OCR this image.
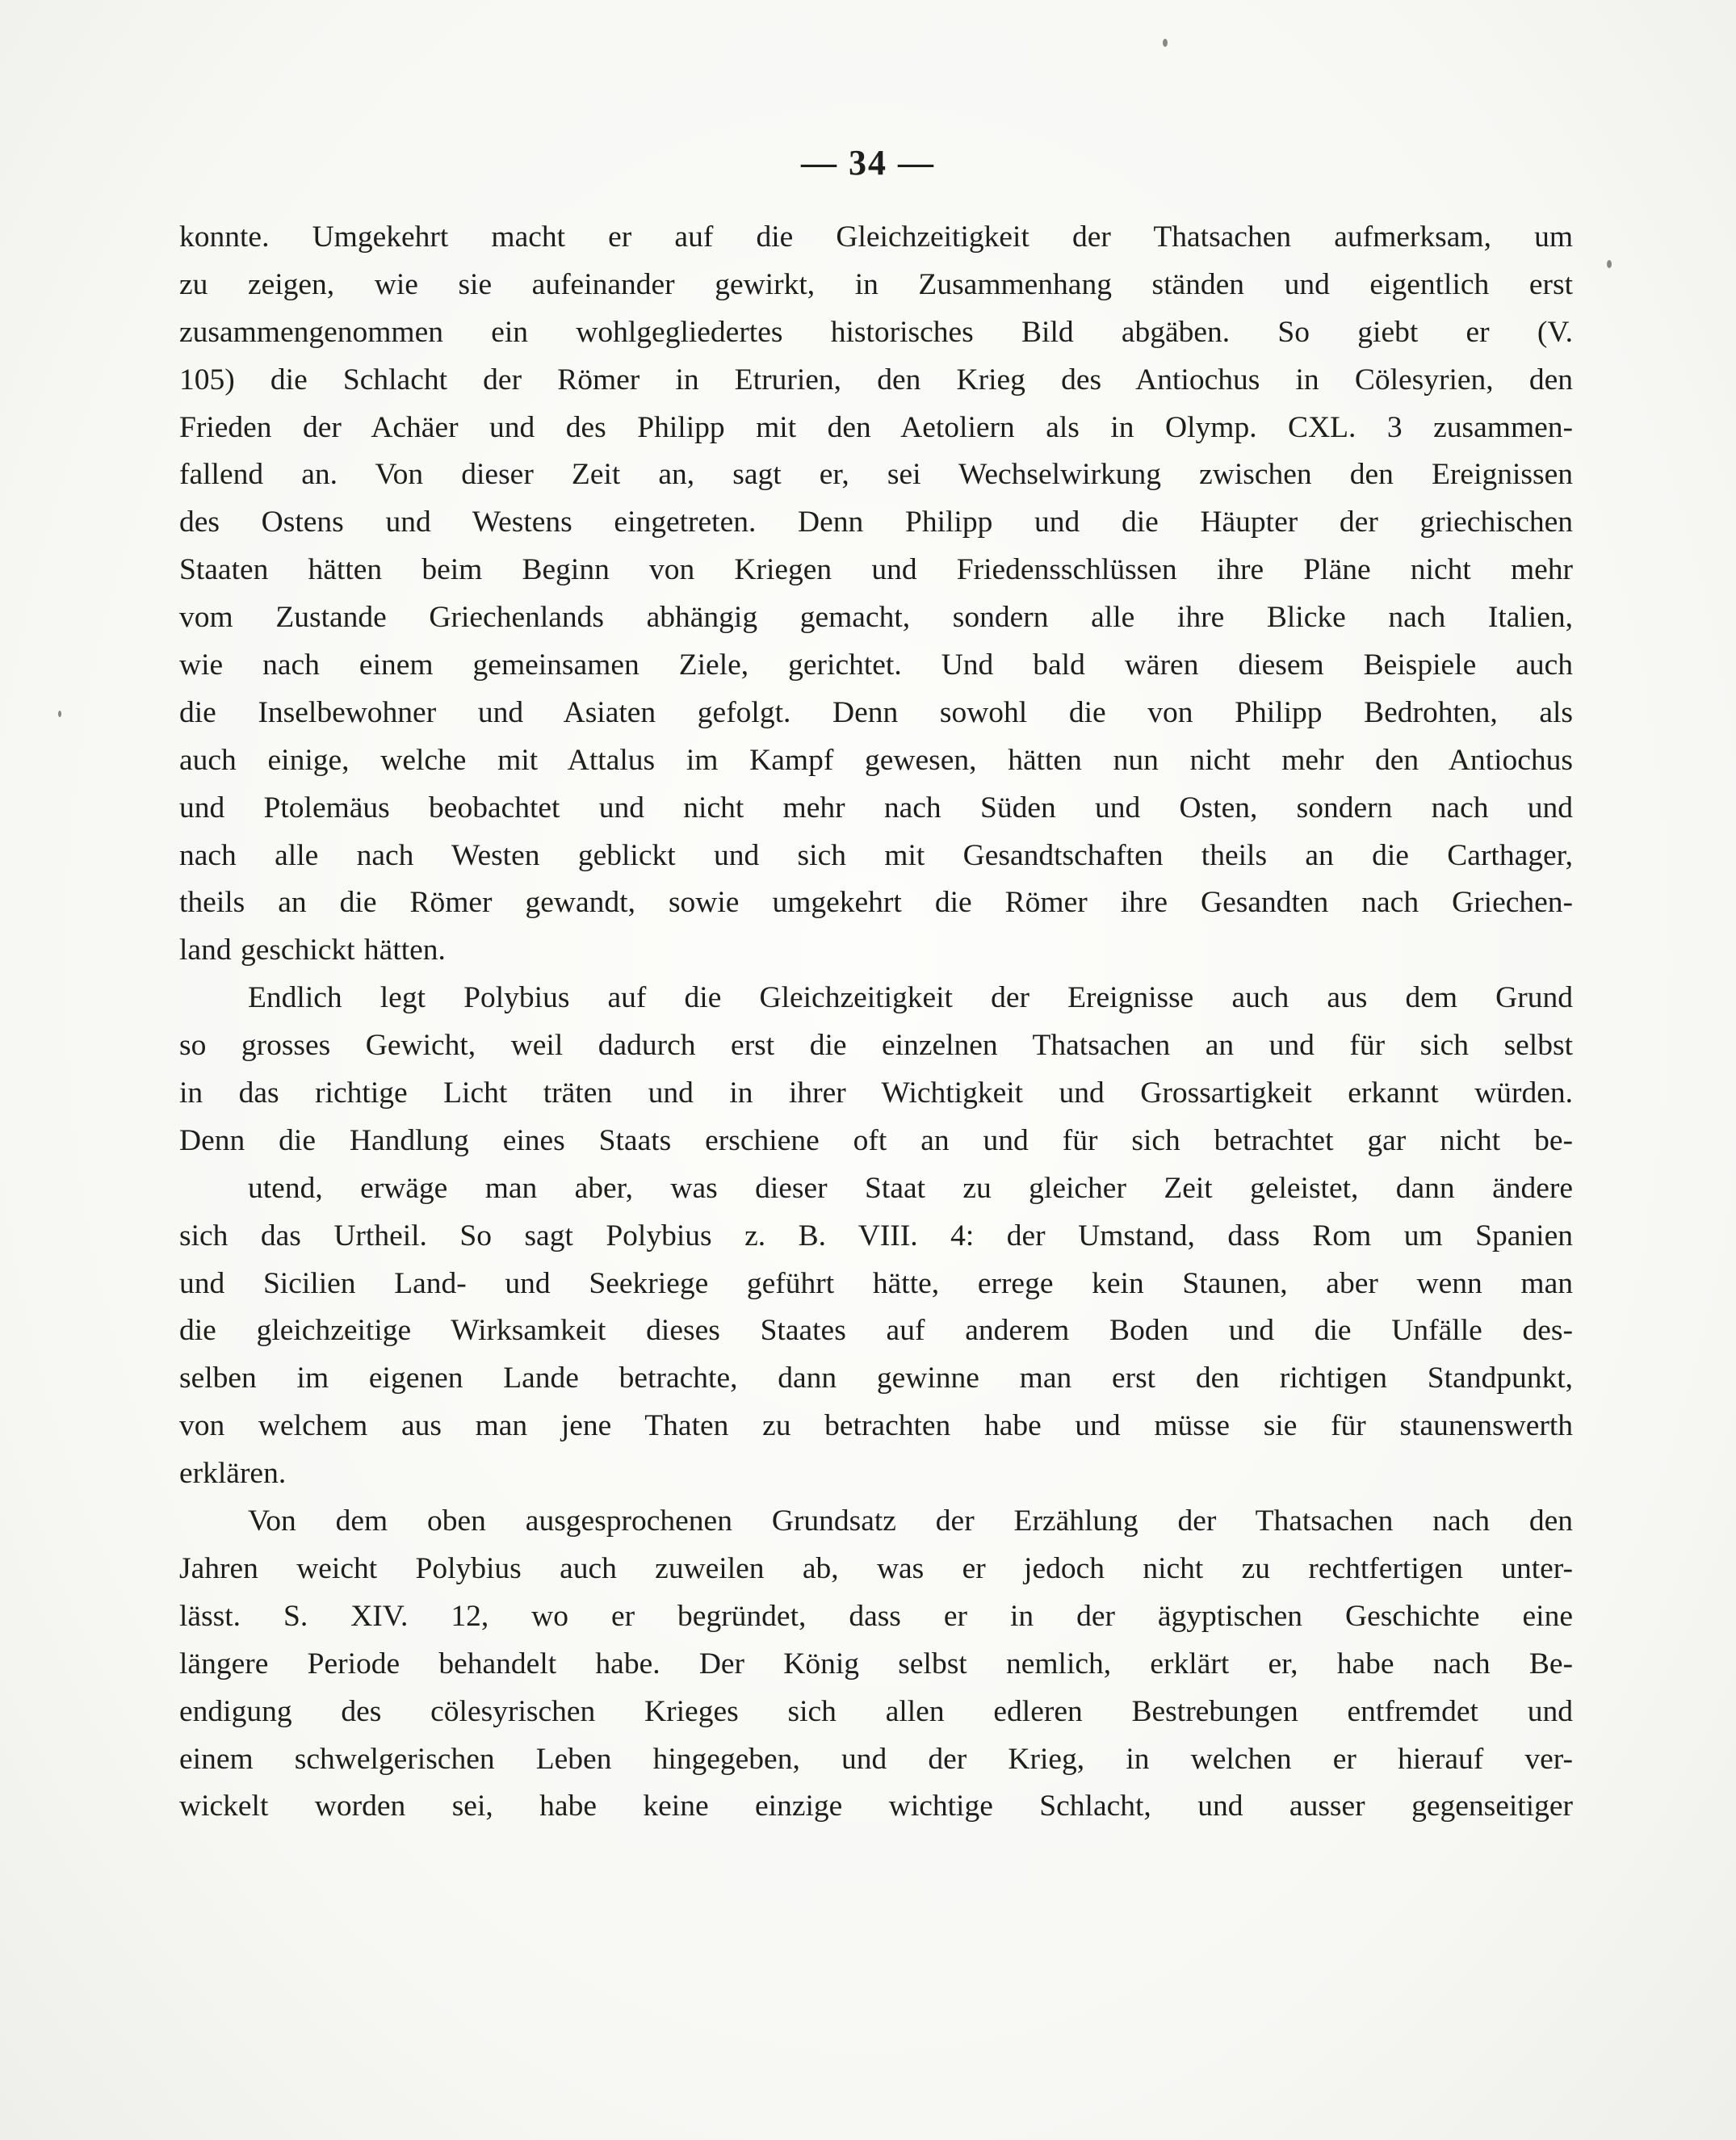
— 34 —
konnte. Umgekehrt macht er auf die Gleichzeitigkeit der Thatsachen aufmerksam, um
zu zeigen, wie sie aufeinander gewirkt, in Zusammenhang ständen und eigentlich erst
zusammengenommen ein wohlgegliedertes historisches Bild abgäben. So giebt er (V.
105) die Schlacht der Römer in Etrurien, den Krieg des Antiochus in Cölesyrien, den
Frieden der Achäer und des Philipp mit den Aetoliern als in Olymp. CXL. 3 zusammen-
fallend an. Von dieser Zeit an, sagt er, sei Wechselwirkung zwischen den Ereignissen
des Ostens und Westens eingetreten. Denn Philipp und die Häupter der griechischen
Staaten hätten beim Beginn von Kriegen und Friedensschlüssen ihre Pläne nicht mehr
vom Zustande Griechenlands abhängig gemacht, sondern alle ihre Blicke nach Italien,
wie nach einem gemeinsamen Ziele, gerichtet. Und bald wären diesem Beispiele auch
die Inselbewohner und Asiaten gefolgt. Denn sowohl die von Philipp Bedrohten, als
auch einige, welche mit Attalus im Kampf gewesen, hätten nun nicht mehr den Antiochus
und Ptolemäus beobachtet und nicht mehr nach Süden und Osten, sondern nach und
nach alle nach Westen geblickt und sich mit Gesandtschaften theils an die Carthager,
theils an die Römer gewandt, sowie umgekehrt die Römer ihre Gesandten nach Griechen-
land geschickt hätten.
Endlich legt Polybius auf die Gleichzeitigkeit der Ereignisse auch aus dem Grund
so grosses Gewicht, weil dadurch erst die einzelnen Thatsachen an und für sich selbst
in das richtige Licht träten und in ihrer Wichtigkeit und Grossartigkeit erkannt würden.
Denn die Handlung eines Staats erschiene oft an und für sich betrachtet gar nicht be-
utend, erwäge man aber, was dieser Staat zu gleicher Zeit geleistet, dann ändere
sich das Urtheil. So sagt Polybius z. B. VIII. 4: der Umstand, dass Rom um Spanien
und Sicilien Land- und Seekriege geführt hätte, errege kein Staunen, aber wenn man
die gleichzeitige Wirksamkeit dieses Staates auf anderem Boden und die Unfälle des-
selben im eigenen Lande betrachte, dann gewinne man erst den richtigen Standpunkt,
von welchem aus man jene Thaten zu betrachten habe und müsse sie für staunenswerth
erklären.
Von dem oben ausgesprochenen Grundsatz der Erzählung der Thatsachen nach den
Jahren weicht Polybius auch zuweilen ab, was er jedoch nicht zu rechtfertigen unter-
lässt. S. XIV. 12, wo er begründet, dass er in der ägyptischen Geschichte eine
längere Periode behandelt habe. Der König selbst nemlich, erklärt er, habe nach Be-
endigung des cölesyrischen Krieges sich allen edleren Bestrebungen entfremdet und
einem schwelgerischen Leben hingegeben, und der Krieg, in welchen er hierauf ver-
wickelt worden sei, habe keine einzige wichtige Schlacht, und ausser gegenseitiger
